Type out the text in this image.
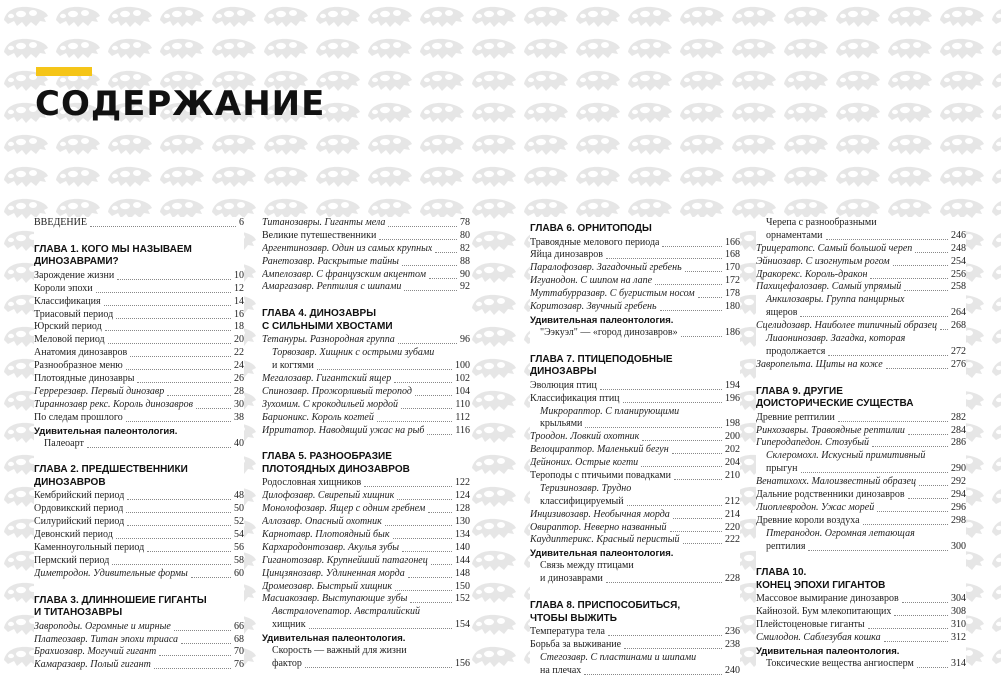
СОДЕРЖАНИЕ
ВВЕДЕНИЕ	6
ГЛАВА 1. КОГО МЫ НАЗЫВАЕМ
ДИНОЗАВРАМИ?
Зарождение жизни	10
Короли эпохи	12
Классификация	14
Триасовый период	16
Юрский период	18
Меловой период	20
Анатомия динозавров	22
Разнообразное меню	24
Плотоядные динозавры	26
Герререзавр. Первый динозавр	28
Тираннозавр рекс. Король динозавров	30
По следам прошлого	38
Удивительная палеонтология.
Палеоарт	40
ГЛАВА 2. ПРЕДШЕСТВЕННИКИ
ДИНОЗАВРОВ
Кембрийский период	48
Ордовикский период	50
Силурийский период	52
Девонский период	54
Каменноугольный период	56
Пермский период	58
Диметродон. Удивительные формы	60
ГЛАВА 3. ДЛИННОШЕИЕ ГИГАНТЫ
И ТИТАНОЗАВРЫ
Завроподы. Огромные и мирные	66
Платеозавр. Титан эпохи триаса	68
Брахиозавр. Могучий гигант	70
Камаразавр. Полый гигант	76
Титанозавры. Гиганты мела	78
Великие путешественники	80
Аргентинозавр. Один из самых крупных	82
Ранетозавр. Раскрытые тайны	88
Ампелозавр. С французским акцентом	90
Амаргазавр. Рептилия с шипами	92
ГЛАВА 4. ДИНОЗАВРЫ
С СИЛЬНЫМИ ХВОСТАМИ
Тетануры. Разнородная группа	96
Торвозавр. Хищник с острыми зубами
и когтями	100
Мегалозавр. Гигантский ящер	102
Спинозавр. Прожорливый теропод	104
Зухомим. С крокодильей мордой	110
Барионикс. Король когтей	112
Ирритатор. Наводящий ужас на рыб	116
ГЛАВА 5. РАЗНООБРАЗИЕ
ПЛОТОЯДНЫХ ДИНОЗАВРОВ
Родословная хищников	122
Дилофозавр. Свирепый хищник	124
Монолофозавр. Ящер с одним гребнем	128
Аллозавр. Опасный охотник	130
Карнотавр. Плотоядный бык	134
Кархародонтозавр. Акулья зубы	140
Гиганотозавр. Крупнейший патагонец	144
Цинцзянозавр. Удлиненная морда	148
Дромеозавр. Быстрый хищник	150
Масиакозавр. Выступающие зубы	152
Австралоvenатор. Австралийский
хищник	154
Удивительная палеонтология.
Скорость — важный для жизни
фактор	156
ГЛАВА 6. ОРНИТОПОДЫ
Травоядные мелового периода	166
Яйца динозавров	168
Паралофозавр. Загадочный гребень	170
Игуанодон. С шипом на лапе	172
Муттабурразавр. С бугристым носом	178
Коритозавр. Звучный гребень	180
Удивительная палеонтология.
"Ээкуэл" — «город динозавров»	186
ГЛАВА 7. ПТИЦЕПОДОБНЫЕ
ДИНОЗАВРЫ
Эволюция птиц	194
Классификация птиц	196
Микрораптор. С планирующими
крыльями	198
Троодон. Ловкий охотник	200
Велоцираптор. Маленький бегун	202
Дейноних. Острые когти	204
Тероподы с птичьими повадками	210
Теризинозавр. Трудно
классифицируемый	212
Инцизивозавр. Необычная морда	214
Овираптор. Неверно названный	220
Каудиптерикс. Красный перистый	222
Удивительная палеонтология.
Связь между птицами
и динозаврами	228
ГЛАВА 8. ПРИСПОСОБИТЬСЯ,
ЧТОБЫ ВЫЖИТЬ
Температура тела	236
Борьба за выживание	238
Стегозавр. С пластинами и шипами
на плечах	240
Черепа с разнообразными
орнаментами	246
Трицератопс. Самый большой череп	248
Эйниозавр. С изогнутым рогом	254
Дракорекс. Король-дракон	256
Пахицефалозавр. Самый упрямый	258
Анкилозавры. Группа панцирных
ящеров	264
Сцелидозавр. Наиболее типичный образец 268
Лиаонинозавр. Загадка, которая
продолжается	272
Завропельта. Щиты на коже	276
ГЛАВА 9. ДРУГИЕ
ДОИСТОРИЧЕСКИЕ СУЩЕСТВА
Древние рептилии	282
Ринхозавры. Травоядные рептилии	284
Гиперодапедон. Стозубый	286
Склеромохл. Искусный примитивный
прыгун	290
Венатихохх. Малоизвестный образец	292
Дальние родственники динозавров	294
Лиоплевродон. Ужас морей	296
Древние короли воздуха	298
Птеранодон. Огромная летающая
рептилия	300
ГЛАВА 10.
КОНЕЦ ЭПОХИ ГИГАНТОВ
Массовое вымирание динозавров	304
Кайнозой. Бум млекопитающих	308
Плейстоценовые гиганты	310
Смилодон. Саблезубая кошка	312
Удивительная палеонтология.
Токсические вещества ангиосперм	314
